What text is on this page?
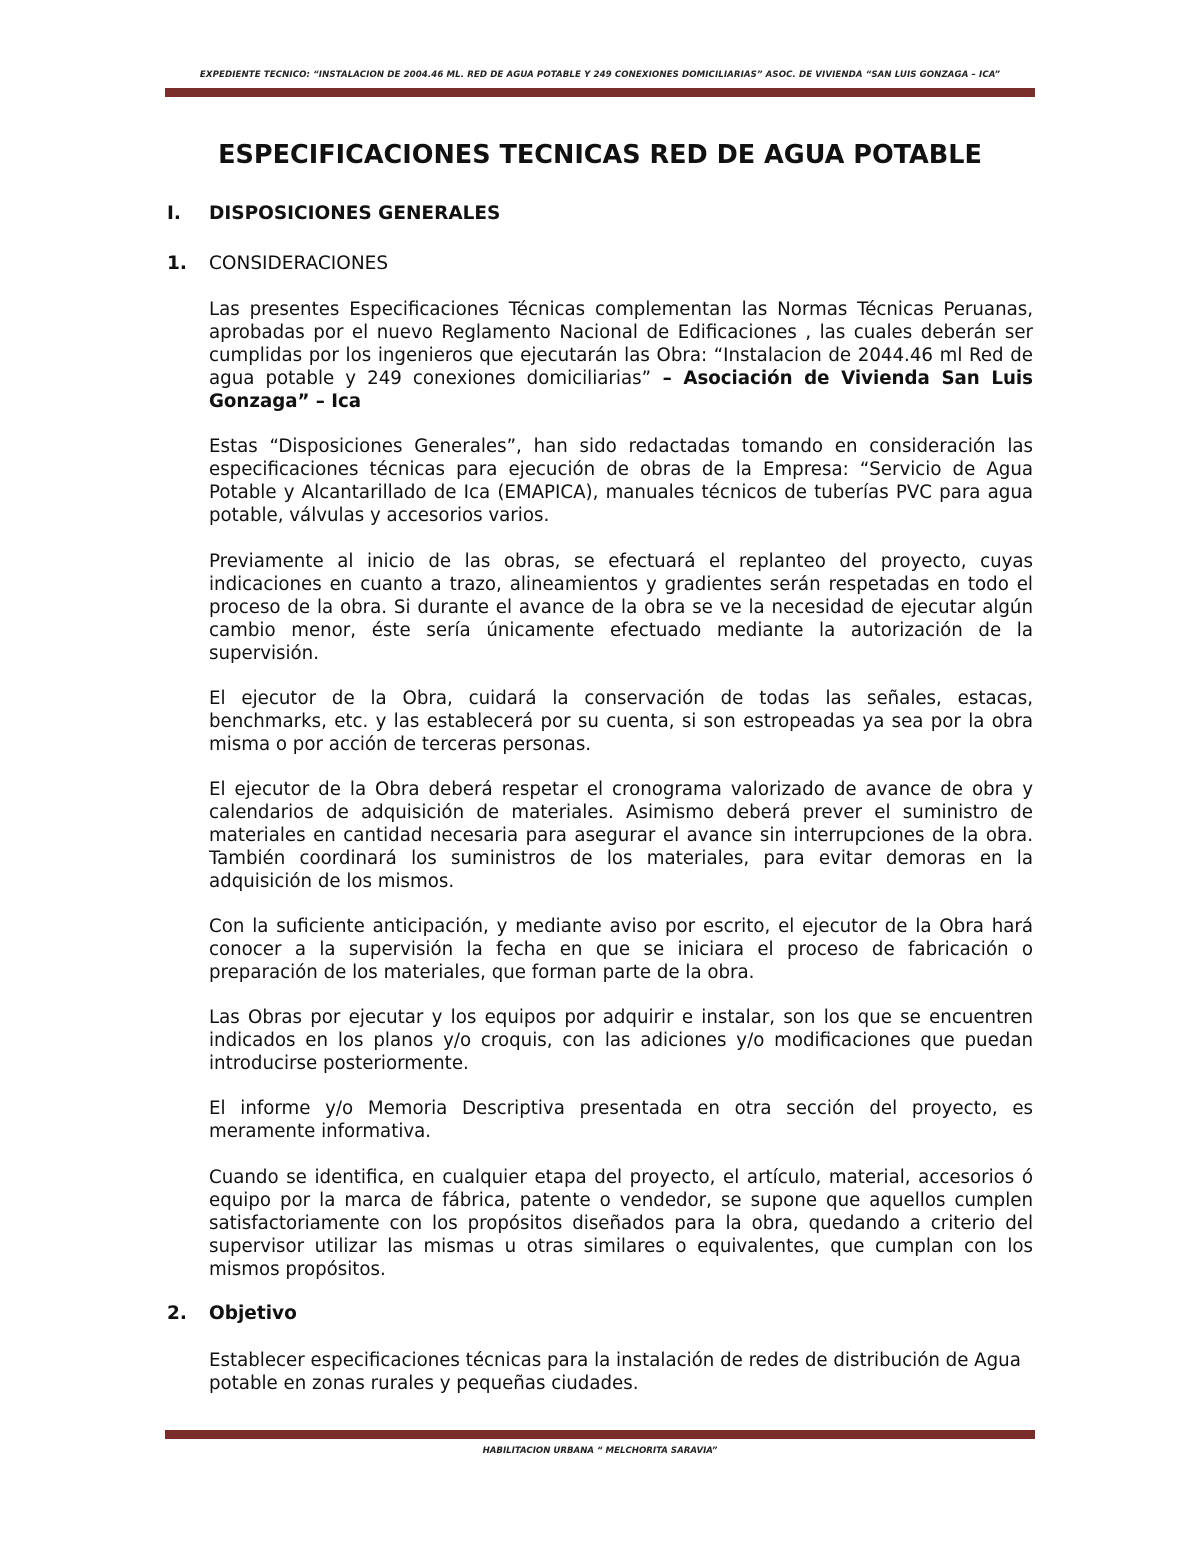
EXPEDIENTE TECNICO: “INSTALACION DE 2004.46 ML. RED DE AGUA POTABLE Y 249 CONEXIONES DOMICILIARIAS” ASOC. DE VIVIENDA “SAN LUIS GONZAGA – ICA”
ESPECIFICACIONES TECNICAS RED DE AGUA POTABLE
I. DISPOSICIONES GENERALES
1. CONSIDERACIONES

Las presentes Especificaciones Técnicas complementan las Normas Técnicas Peruanas, aprobadas por el nuevo Reglamento Nacional de Edificaciones , las cuales deberán ser cumplidas por los ingenieros que ejecutarán las Obra: “Instalacion de 2044.46 ml Red de agua potable y 249 conexiones domiciliarias” – Asociación de Vivienda San Luis Gonzaga” – Ica

Estas “Disposiciones Generales”, han sido redactadas tomando en consideración las especificaciones técnicas para ejecución de obras de la Empresa: “Servicio de Agua Potable y Alcantarillado de Ica (EMAPICA), manuales técnicos de tuberías PVC para agua potable, válvulas y accesorios varios.

Previamente al inicio de las obras, se efectuará el replanteo del proyecto, cuyas indicaciones en cuanto a trazo, alineamientos y gradientes serán respetadas en todo el proceso de la obra. Si durante el avance de la obra se ve la necesidad de ejecutar algún cambio menor, éste sería únicamente efectuado mediante la autorización de la supervisión.

El ejecutor de la Obra, cuidará la conservación de todas las señales, estacas, benchmarks, etc. y las establecerá por su cuenta, si son estropeadas ya sea por la obra misma o por acción de terceras personas.

El ejecutor de la Obra deberá respetar el cronograma valorizado de avance de obra y calendarios de adquisición de materiales. Asimismo deberá prever el suministro de materiales en cantidad necesaria para asegurar el avance sin interrupciones de la obra. También coordinará los suministros de los materiales, para evitar demoras en la adquisición de los mismos.

Con la suficiente anticipación, y mediante aviso por escrito, el ejecutor de la Obra hará conocer a la supervisión la fecha en que se iniciara el proceso de fabricación o preparación de los materiales, que forman parte de la obra.

Las Obras por ejecutar y los equipos por adquirir e instalar, son los que se encuentren indicados en los planos y/o croquis, con las adiciones y/o modificaciones que puedan introducirse posteriormente.

El informe y/o Memoria Descriptiva presentada en otra sección del proyecto, es meramente informativa.

Cuando se identifica, en cualquier etapa del proyecto, el artículo, material, accesorios ó equipo por la marca de fábrica, patente o vendedor, se supone que aquellos cumplen satisfactoriamente con los propósitos diseñados para la obra, quedando a criterio del supervisor utilizar las mismas u otras similares o equivalentes, que cumplan con los mismos propósitos.

2. Objetivo

Establecer especificaciones técnicas para la instalación de redes de distribución de Agua potable en zonas rurales y pequeñas ciudades.

HABILITACION URBANA “ MELCHORITA SARAVIA”
